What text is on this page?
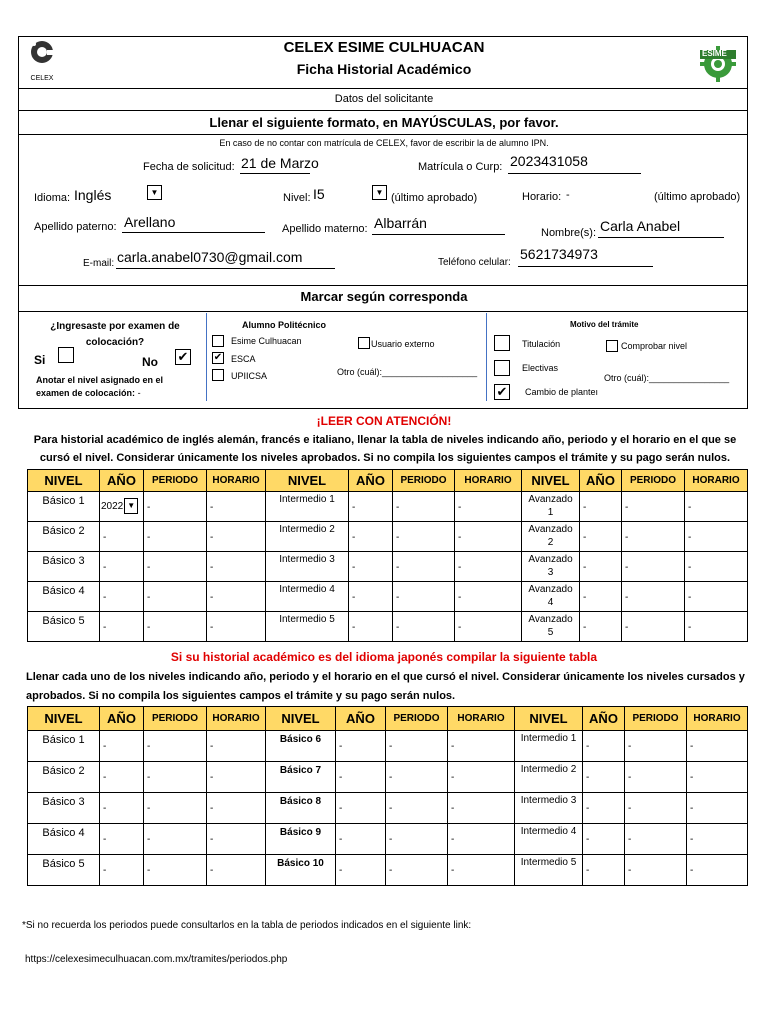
CELEX
CELEX ESIME CULHUACAN
Ficha Historial Académico
ESIME
Datos del solicitante
Llenar el siguiente formato, en MAYÚSCULAS, por favor.
En caso de no contar con matrícula de CELEX, favor de escribir la de alumno IPN.
Fecha de solicitud: 21 de Marzo	Matrícula o Curp: 2023431058
Idioma: Inglés	▼	Nivel: I5	▼ (último aprobado)	Horario: -	(último aprobado)
Apellido paterno: Arellano	Apellido materno: Albarrán
Nombre(s): Carla Anabel
E-mail: carla.anabel0730@gmail.com	Teléfono celular:
5621734973
Marcar según corresponda
¿Ingresaste por examen de colocación?
Si	No ✔
Anotar el nivel asignado en el examen de colocación: -
Alumno Politécnico
Esime Culhuacan
✔ ESCA
UPIICSA
Usuario externo
Otro (cuál):___________________
Motivo del trámite
Titulación	Comprobar nivel
Electivas
Otro (cuál):________________
✔ Cambio de planteı
¡LEER CON ATENCIÓN!
Para historial académico de inglés alemán, francés e italiano, llenar la tabla de niveles indicando año, periodo y el horario en el que se cursó el nivel. Considerar únicamente los niveles aprobados. Si no compila los siguientes campos el trámite y su pago serán nulos.
NIVEL	AÑO	PERIODO	HORARIO	NIVEL	AÑO	PERIODO	HORARIO	NIVEL	AÑO	PERIODO	HORARIO
Básico 1	2022 ▼	-	-	Intermedio 1	-	-	-	Avanzado 1	-	-	-
Básico 2	-	-	-	Intermedio 2	-	-	-	Avanzado 2	-	-	-
Básico 3	-	-	-	Intermedio 3	-	-	-	Avanzado 3	-	-	-
Básico 4	-	-	-	Intermedio 4	-	-	-	Avanzado 4	-	-	-
Básico 5	-	-	-	Intermedio 5	-	-	-	Avanzado 5	-	-	-
Si su historial académico es del idioma japonés compilar la siguiente tabla
Llenar cada uno de los niveles indicando año, periodo y el horario en el que cursó el nivel. Considerar únicamente los niveles cursados y aprobados. Si no compila los siguientes campos el trámite y su pago serán nulos.
NIVEL	AÑO	PERIODO	HORARIO	NIVEL	AÑO	PERIODO	HORARIO	NIVEL	AÑO	PERIODO	HORARIO
Básico 1	-	-	-	Básico 6	-	-	-	Intermedio 1	-	-	-
Básico 2	-	-	-	Básico 7	-	-	-	Intermedio 2	-	-	-
Básico 3	-	-	-	Básico 8	-	-	-	Intermedio 3	-	-	-
Básico 4	-	-	-	Básico 9	-	-	-	Intermedio 4	-	-	-
Básico 5	-	-	-	Básico 10	-	-	-	Intermedio 5	-	-	-
*Si no recuerda los periodos puede consultarlos en la tabla de periodos indicados en el siguiente link:
https://celexesimeculhuacan.com.mx/tramites/periodos.php
